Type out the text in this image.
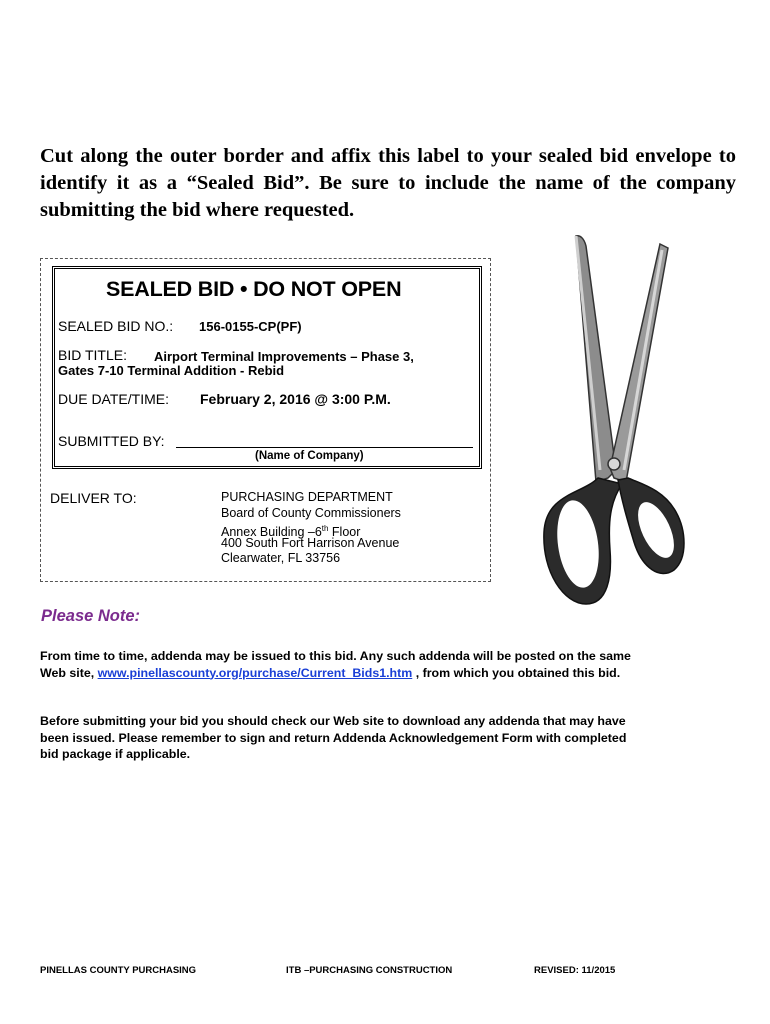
Cut along the outer border and affix this label to your sealed bid envelope to identify it as a “Sealed Bid”. Be sure to include the name of the company submitting the bid where requested.
SEALED BID • DO NOT OPEN
SEALED BID NO.: 156-0155-CP(PF)
BID TITLE: Airport Terminal Improvements – Phase 3,
Gates 7-10 Terminal Addition - Rebid
DUE DATE/TIME: February 2, 2016 @ 3:00 P.M.
SUBMITTED BY:
(Name of Company)
DELIVER TO:	PURCHASING DEPARTMENT
Board of County Commissioners
Annex Building –6th Floor
400 South Fort Harrison Avenue
Clearwater, FL 33756
Please Note:
From time to time, addenda may be issued to this bid. Any such addenda will be posted on the same Web site, www.pinellascounty.org/purchase/Current_Bids1.htm , from which you obtained this bid.
Before submitting your bid you should check our Web site to download any addenda that may have been issued. Please remember to sign and return Addenda Acknowledgement Form with completed bid package if applicable.
PINELLAS COUNTY PURCHASING	ITB –PURCHASING CONSTRUCTION	REVISED: 11/2015
